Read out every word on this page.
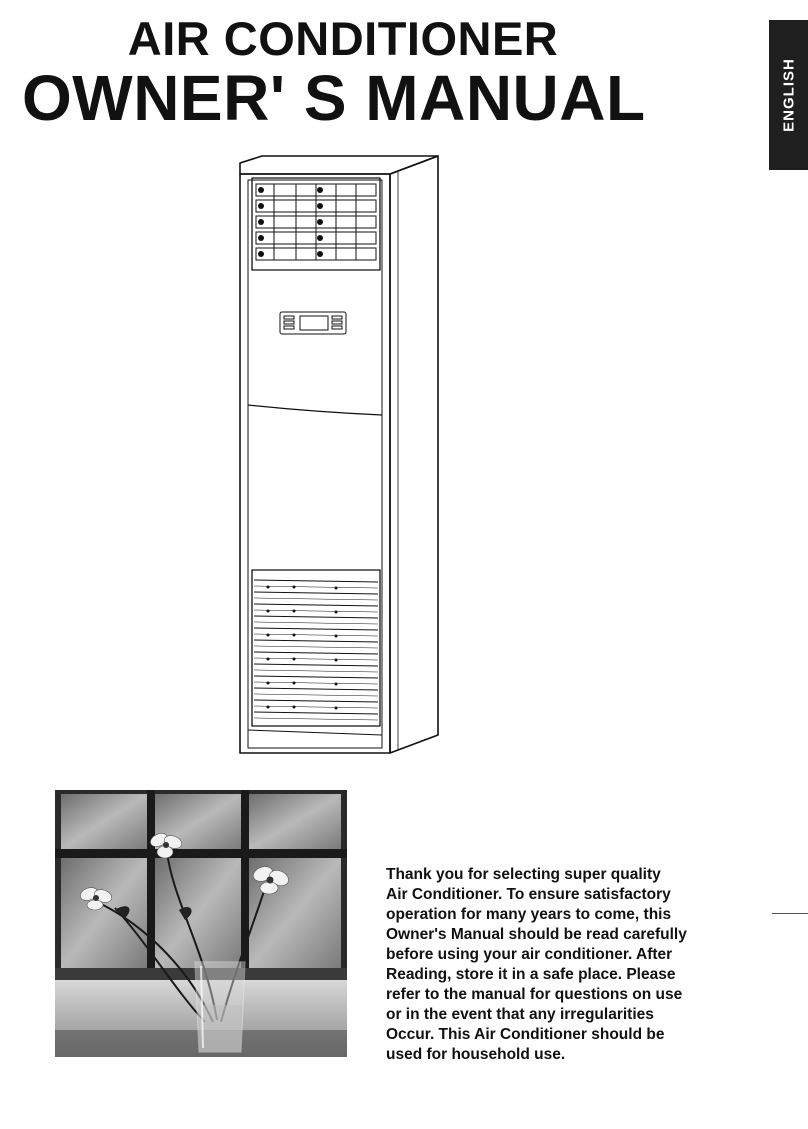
AIR CONDITIONER
OWNER' S MANUAL	ENGLISH
Thank you for selecting super quality
Air Conditioner. To ensure satisfactory
operation for many years to come, this
Owner's Manual should be read carefully
before using your air conditioner. After
Reading, store it in a safe place. Please
refer to the manual for questions on use
or in the event that any irregularities
Occur. This Air Conditioner should be
used for household use.
